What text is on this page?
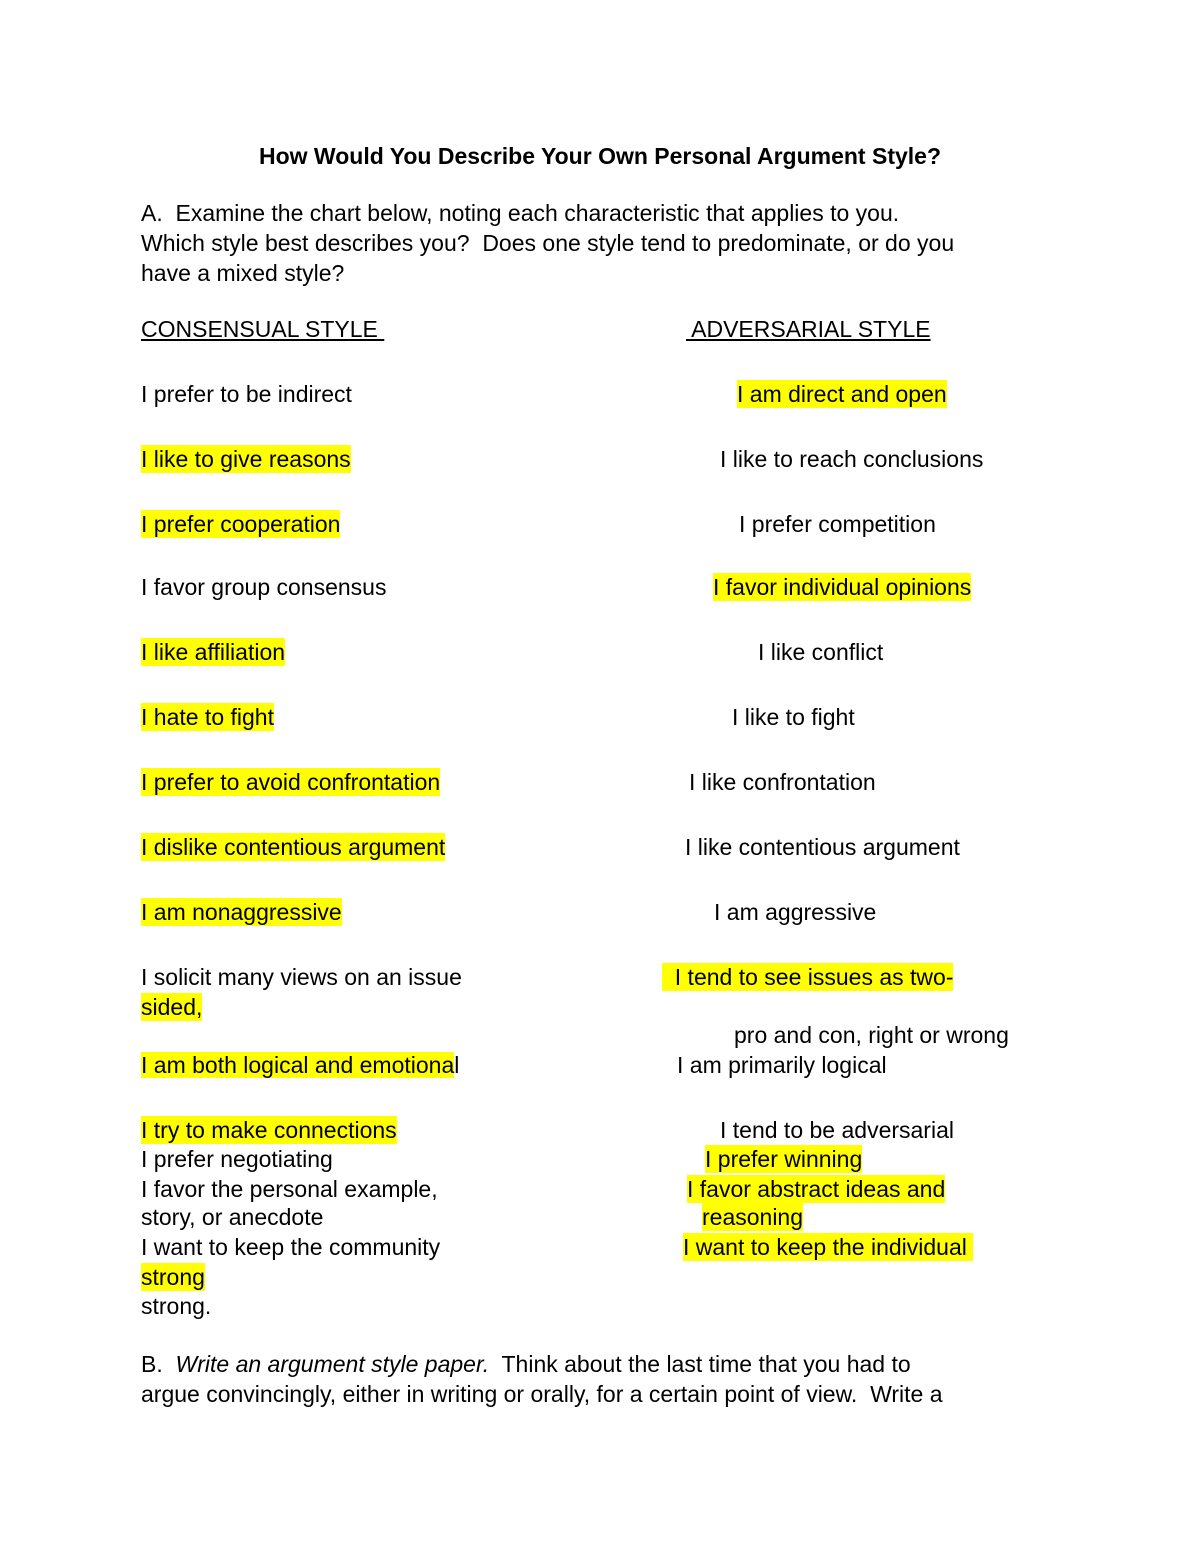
How Would You Describe Your Own Personal Argument Style?
A.  Examine the chart below, noting each characteristic that applies to you.
Which style best describes you?  Does one style tend to predominate, or do you
have a mixed style?
CONSENSUAL STYLE	ADVERSARIAL STYLE
I prefer to be indirect
I like to give reasons
I prefer cooperation
I favor group consensus
I like affiliation
I hate to fight
I prefer to avoid confrontation
I dislike contentious argument
I am nonaggressive
I solicit many views on an issue
sided,
I am both logical and emotional
I try to make connections
I prefer negotiating
I favor the personal example,
story, or anecdote
I want to keep the community
strong
strong.
I am direct and open
I like to reach conclusions
I prefer competition
I favor individual opinions
I like conflict
I like to fight
I like confrontation
I like contentious argument
I am aggressive
I tend to see issues as two-
pro and con, right or wrong
I am primarily logical
I tend to be adversarial
I prefer winning
I favor abstract ideas and
reasoning
I want to keep the individual
B.  Write an argument style paper.  Think about the last time that you had to
argue convincingly, either in writing or orally, for a certain point of view.  Write a
